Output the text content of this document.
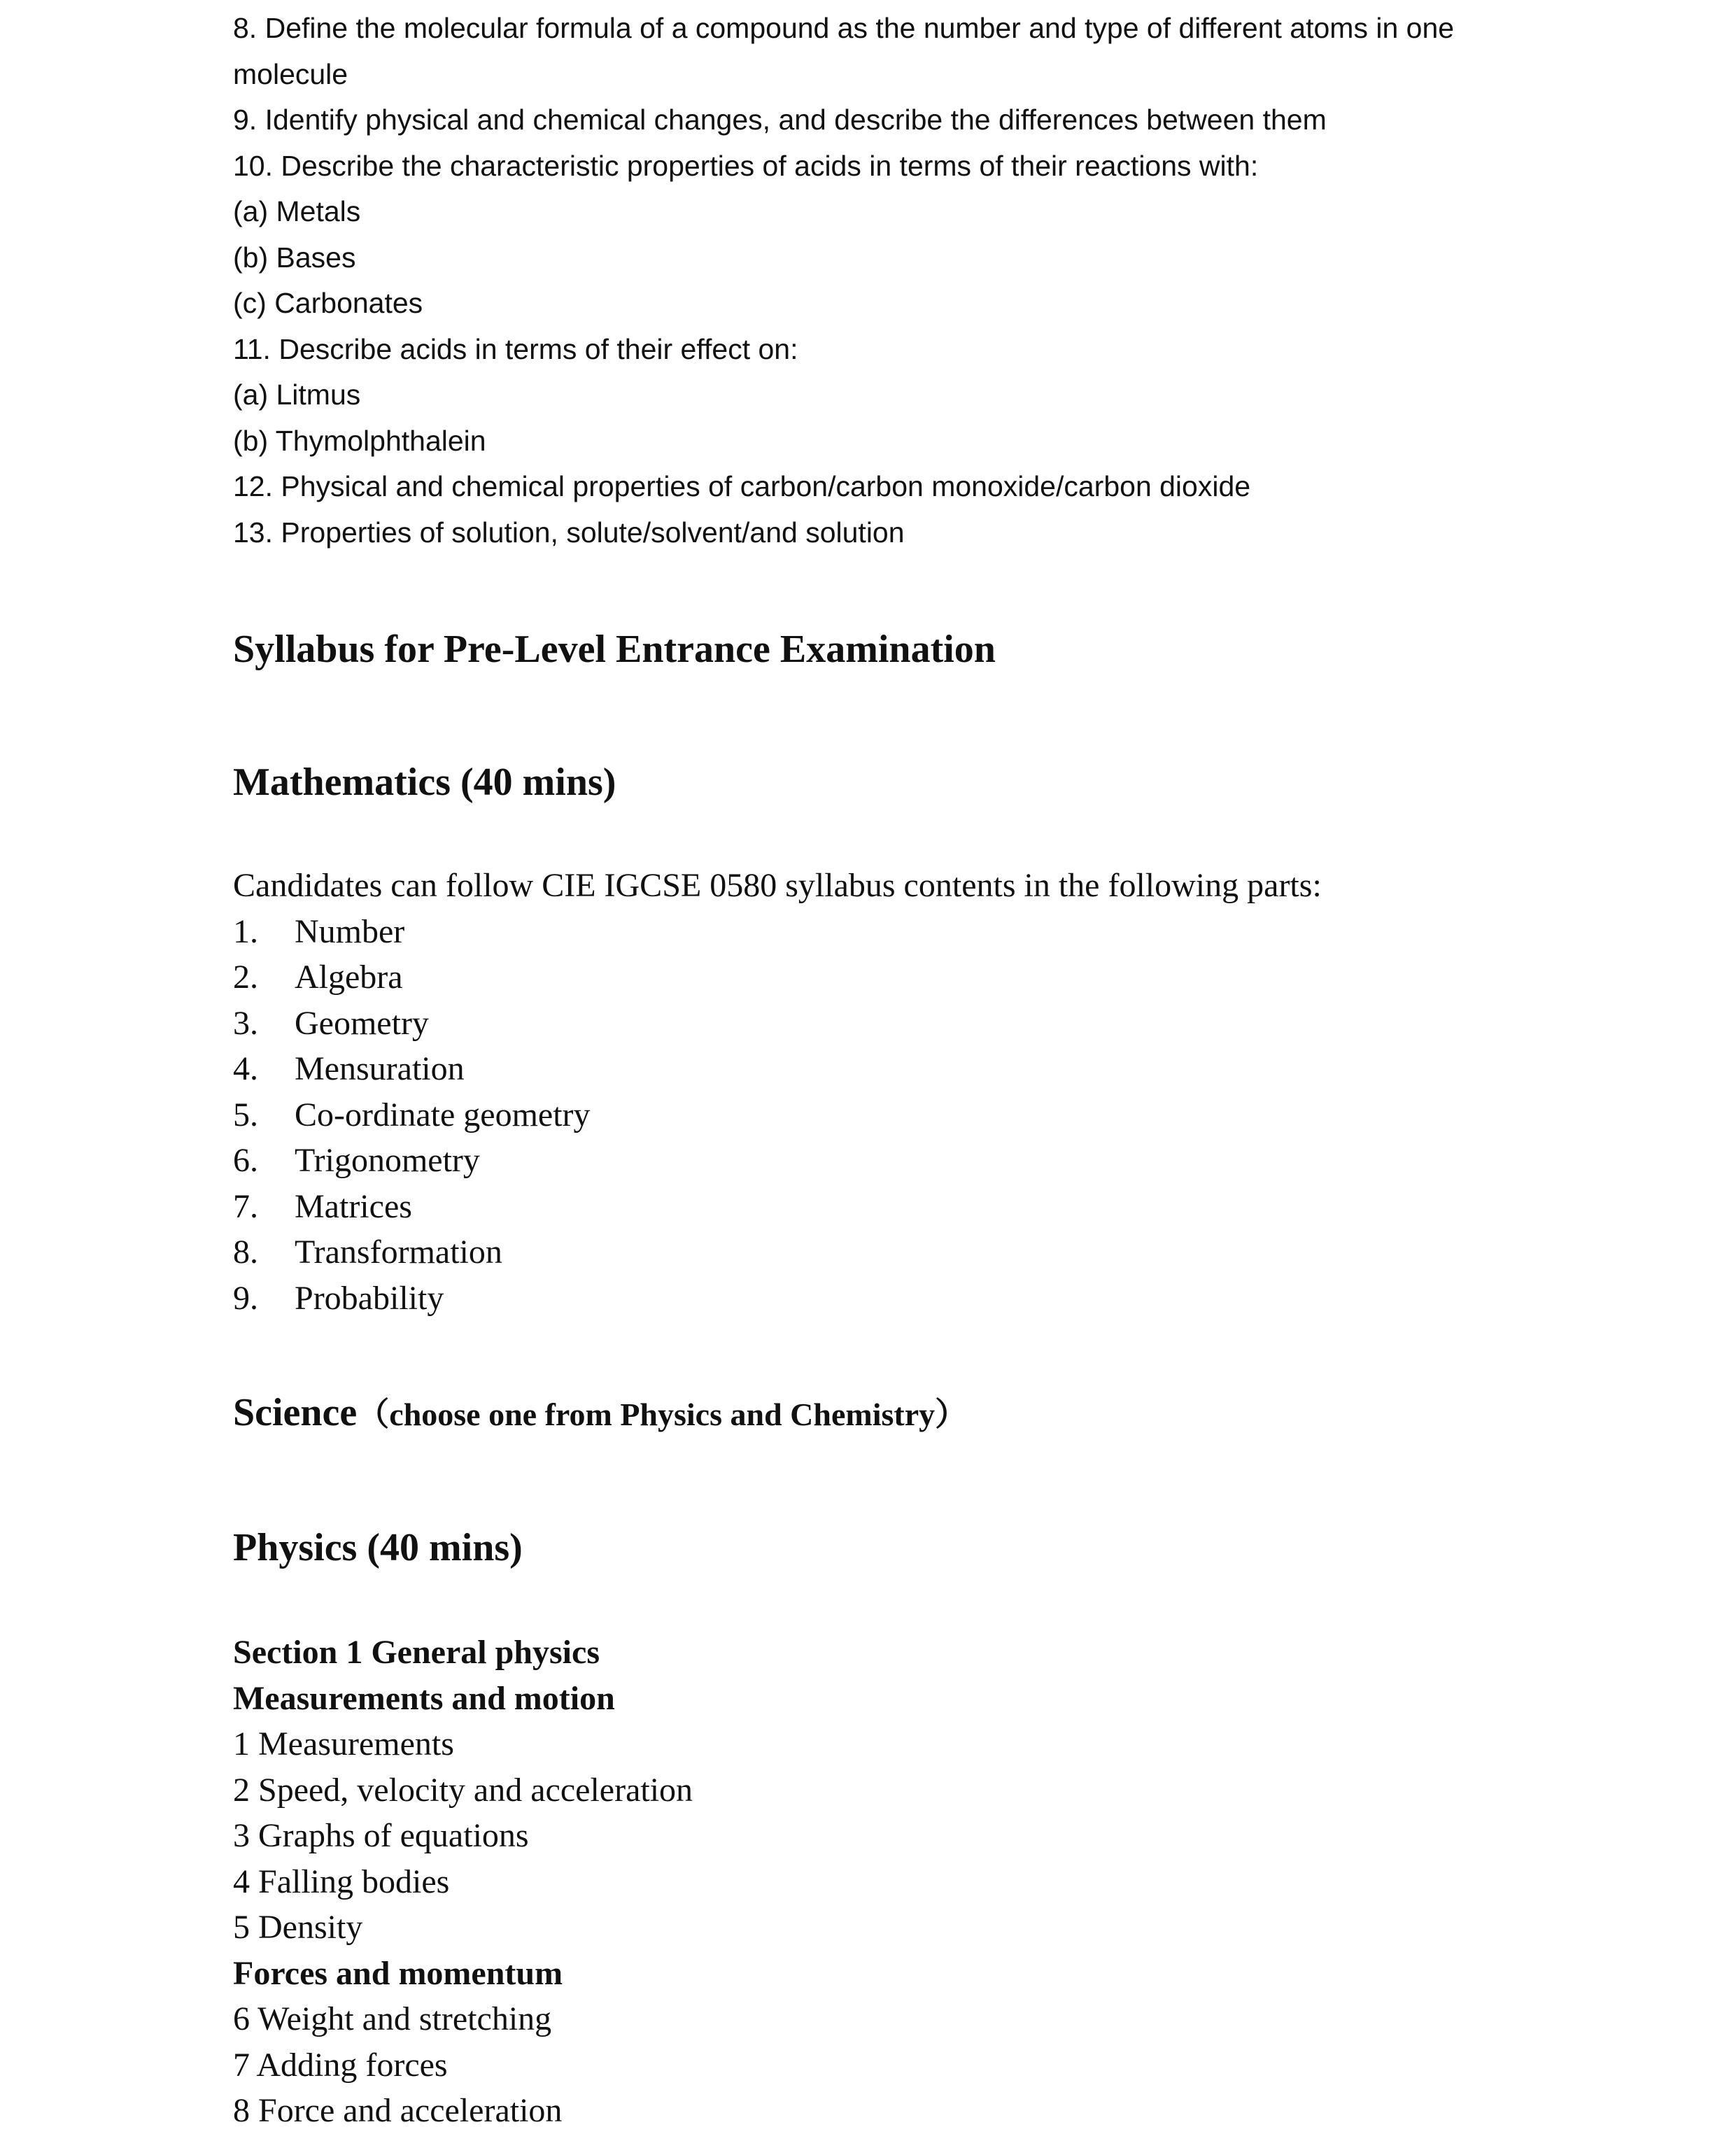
8. Define the molecular formula of a compound as the number and type of different atoms in one
molecule
9. Identify physical and chemical changes, and describe the differences between them
10. Describe the characteristic properties of acids in terms of their reactions with:
(a) Metals
(b) Bases
(c) Carbonates
11. Describe acids in terms of their effect on:
(a) Litmus
(b) Thymolphthalein
12. Physical and chemical properties of carbon/carbon monoxide/carbon dioxide
13. Properties of solution, solute/solvent/and solution
Syllabus for Pre-Level Entrance Examination
Mathematics (40 mins)
Candidates can follow CIE IGCSE 0580 syllabus contents in the following parts:
1.	Number
2.	Algebra
3.	Geometry
4.	Mensuration
5.	Co-ordinate geometry
6.	Trigonometry
7.	Matrices
8.	Transformation
9.	Probability
Science（choose one from Physics and Chemistry）
Physics (40 mins)
Section 1 General physics
Measurements and motion
1 Measurements
2 Speed, velocity and acceleration
3 Graphs of equations
4 Falling bodies
5 Density
Forces and momentum
6 Weight and stretching
7 Adding forces
8 Force and acceleration
